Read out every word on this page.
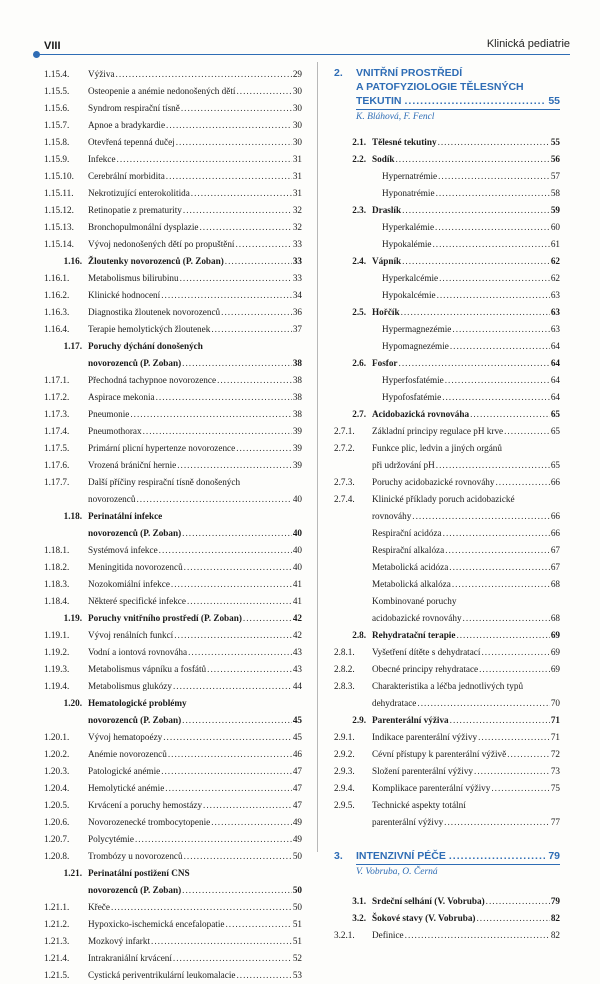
VIII	Klinická pediatrie
1.15.4.	Výživa .....	29
1.15.5.	Osteopenie a anémie nedonošených dětí .....	30
1.15.6.	Syndrom respirační tísně .....	30
1.15.7.	Apnoe a bradykardie .....	30
1.15.8.	Otevřená tepenná dučej .....	30
1.15.9.	Infekce .....	31
1.15.10.	Cerebrální morbidita .....	31
1.15.11.	Nekrotizující enterokolitida .....	31
1.15.12.	Retinopatie z prematurity .....	32
1.15.13.	Bronchopulmonální dysplazie .....	32
1.15.14.	Vývoj nedonošených dětí po propuštění .....	33
1.16. Žloutenky novorozenců (P. Zoban) .....	33
1.16.1.	Metabolismus bilirubinu .....	33
1.16.2.	Klinické hodnocení .....	34
1.16.3.	Diagnostika žloutenek novorozenců .....	36
1.16.4.	Terapie hemolytických žloutenek .....	37
1.17. Poruchy dýchání donošených
novorozenců (P. Zoban) .....	38
1.17.1.	Přechodná tachypnoe novorozence .....	38
1.17.2.	Aspirace mekonia .....	38
1.17.3.	Pneumonie .....	38
1.17.4.	Pneumothorax .....	39
1.17.5.	Primární plicní hypertenze novorozence .....	39
1.17.6.	Vrozená brániční hernie .....	39
1.17.7.	Další příčiny respirační tísně donošených
novorozenců .....	40
1.18. Perinatální infekce
novorozenců (P. Zoban) .....	40
1.18.1.	Systémová infekce .....	40
1.18.2.	Meningitida novorozenců .....	40
1.18.3.	Nozokomiální infekce .....	41
1.18.4.	Některé specifické infekce .....	41
1.19. Poruchy vnitřního prostředí (P. Zoban) .....	42
1.19.1.	Vývoj renálních funkcí .....	42
1.19.2.	Vodní a iontová rovnováha .....	43
1.19.3.	Metabolismus vápníku a fosfátů .....	43
1.19.4.	Metabolismus glukózy .....	44
1.20. Hematologické problémy
novorozenců (P. Zoban) .....	45
1.20.1.	Vývoj hematopoézy .....	45
1.20.2.	Anémie novorozenců .....	46
1.20.3.	Patologické anémie .....	47
1.20.4.	Hemolytické anémie .....	47
1.20.5.	Krvácení a poruchy hemostázy .....	47
1.20.6.	Novorozenecké trombocytopenie .....	49
1.20.7.	Polycytémie .....	49
1.20.8.	Trombózy u novorozenců .....	50
1.21. Perinatální postižení CNS
novorozenců (P. Zoban) .....	50
1.21.1.	Křeče .....	50
1.21.2.	Hypoxicko-ischemická encefalopatie .....	51
1.21.3.	Mozkový infarkt .....	51
1.21.4.	Intrakraniální krvácení .....	52
1.21.5.	Cystická periventrikulární leukomalacie .....	53
2.	VNITŘNÍ PROSTŘEDÍ
A PATOFYZIOLOGIE TĚLESNÝCH
TEKUTIN .....	55
K. Bláhová, F. Fencl
2.1. Tělesné tekutiny .....	55
2.2. Sodík .....	56
Hypernatrémie .....	57
Hyponatrémie .....	58
2.3. Draslík .....	59
Hyperkalémie .....	60
Hypokalémie .....	61
2.4. Vápník .....	62
Hyperkalcémie .....	62
Hypokalcémie .....	63
2.5. Hořčík .....	63
Hypermagnezémie .....	63
Hypomagnezémie .....	64
2.6. Fosfor .....	64
Hyperfosfatémie .....	64
Hypofosfatémie .....	64
2.7. Acidobazická rovnováha .....	65
2.7.1.	Základní principy regulace pH krve .....	65
2.7.2.	Funkce plic, ledvin a jiných orgánů
při udržování pH .....	65
2.7.3.	Poruchy acidobazické rovnováhy .....	66
2.7.4.	Klinické příklady poruch acidobazické
rovnováhy .....	66
Respirační acidóza .....	66
Respirační alkalóza .....	67
Metabolická acidóza .....	67
Metabolická alkalóza .....	68
Kombinované poruchy
acidobazické rovnováhy .....	68
2.8. Rehydratační terapie .....	69
2.8.1.	Vyšetření dítěte s dehydratací .....	69
2.8.2.	Obecné principy rehydratace .....	69
2.8.3.	Charakteristika a léčba jednotlivých typů
dehydratace .....	70
2.9. Parenterální výživa .....	71
2.9.1.	Indikace parenterální výživy .....	71
2.9.2.	Cévní přístupy k parenterální výživě .....	72
2.9.3.	Složení parenterální výživy .....	73
2.9.4.	Komplikace parenterální výživy .....	75
2.9.5.	Technické aspekty totální
parenterální výživy .....	77
3.	INTENZIVNÍ PÉČE .....	79
V. Vobruba, O. Černá
3.1. Srdeční selhání (V. Vobruba) .....	79
3.2. Šokové stavy (V. Vobruba) .....	82
3.2.1.	Definice .....	82
